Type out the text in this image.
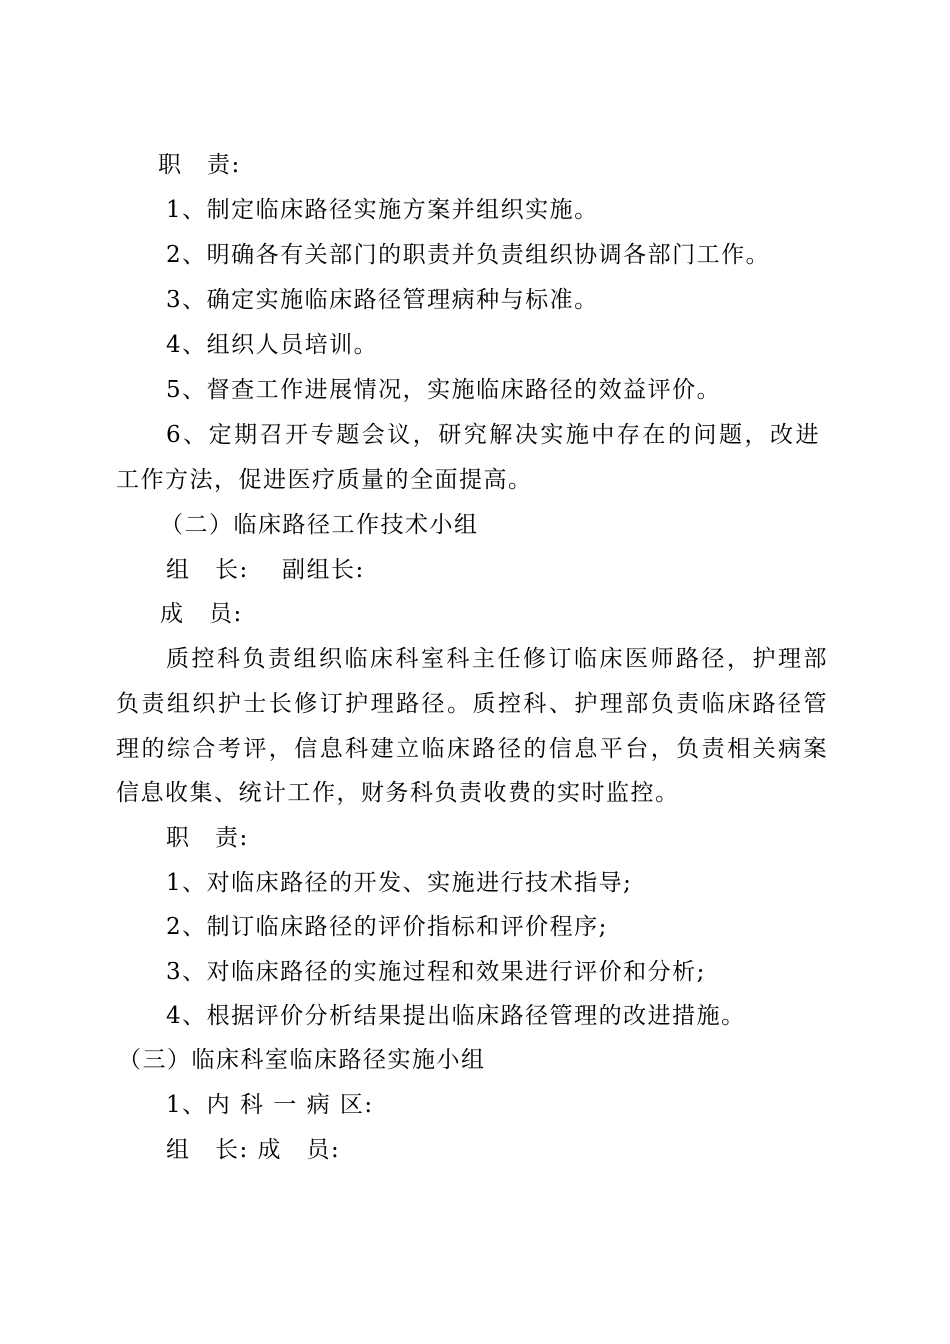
职　责:
1、制定临床路径实施方案并组织实施。
2、明确各有关部门的职责并负责组织协调各部门工作。
3、确定实施临床路径管理病种与标准。
4、组织人员培训。
5、督查工作进展情况，实施临床路径的效益评价。
6、定期召开专题会议，研究解决实施中存在的问题，改进
工作方法，促进医疗质量的全面提高。
（二）临床路径工作技术小组
组　长:　 副组长:
成　员:
质控科负责组织临床科室科主任修订临床医师路径，护理部
负责组织护士长修订护理路径。质控科、护理部负责临床路径管
理的综合考评，信息科建立临床路径的信息平台，负责相关病案
信息收集、统计工作，财务科负责收费的实时监控。
职　责:
1、对临床路径的开发、实施进行技术指导;
2、制订临床路径的评价指标和评价程序;
3、对临床路径的实施过程和效果进行评价和分析;
4、根据评价分析结果提出临床路径管理的改进措施。
（三）临床科室临床路径实施小组
1、内 科 一 病 区:
组　长: 成　员:
